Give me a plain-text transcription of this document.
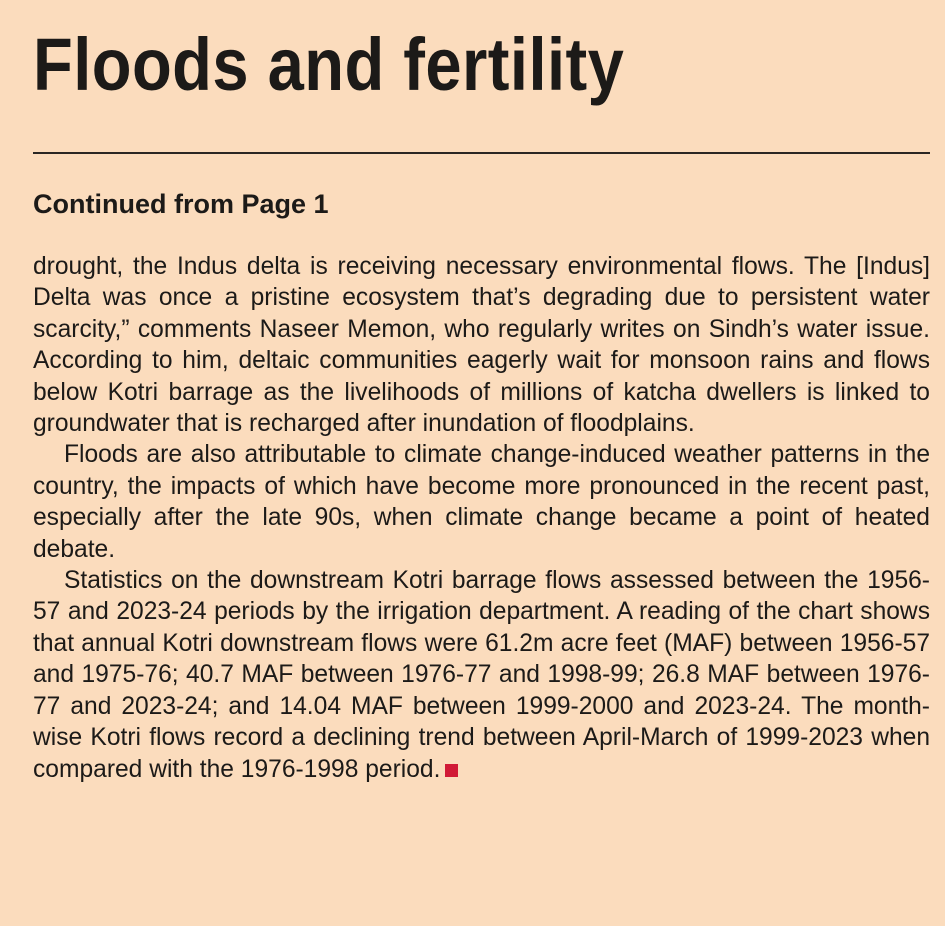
Floods and fertility
Continued from Page 1

drought, the Indus delta is receiving necessary environmental flows. The [Indus] Delta was once a pristine ecosystem that’s degrading due to persistent water scarcity,” comments Naseer Memon, who regularly writes on Sindh’s water issue. According to him, deltaic communities eagerly wait for monsoon rains and flows below Kotri barrage as the livelihoods of millions of katcha dwellers is linked to groundwater that is recharged after inundation of floodplains.

Floods are also attributable to climate change-induced weather patterns in the country, the impacts of which have become more pronounced in the recent past, especially after the late 90s, when climate change became a point of heated debate.

Statistics on the downstream Kotri barrage flows assessed between the 1956-57 and 2023-24 periods by the irrigation department. A reading of the chart shows that annual Kotri downstream flows were 61.2m acre feet (MAF) between 1956-57 and 1975-76; 40.7 MAF between 1976-77 and 1998-99; 26.8 MAF between 1976-77 and 2023-24; and 14.04 MAF between 1999-2000 and 2023-24. The month-wise Kotri flows record a declining trend between April-March of 1999-2023 when compared with the 1976-1998 period.
